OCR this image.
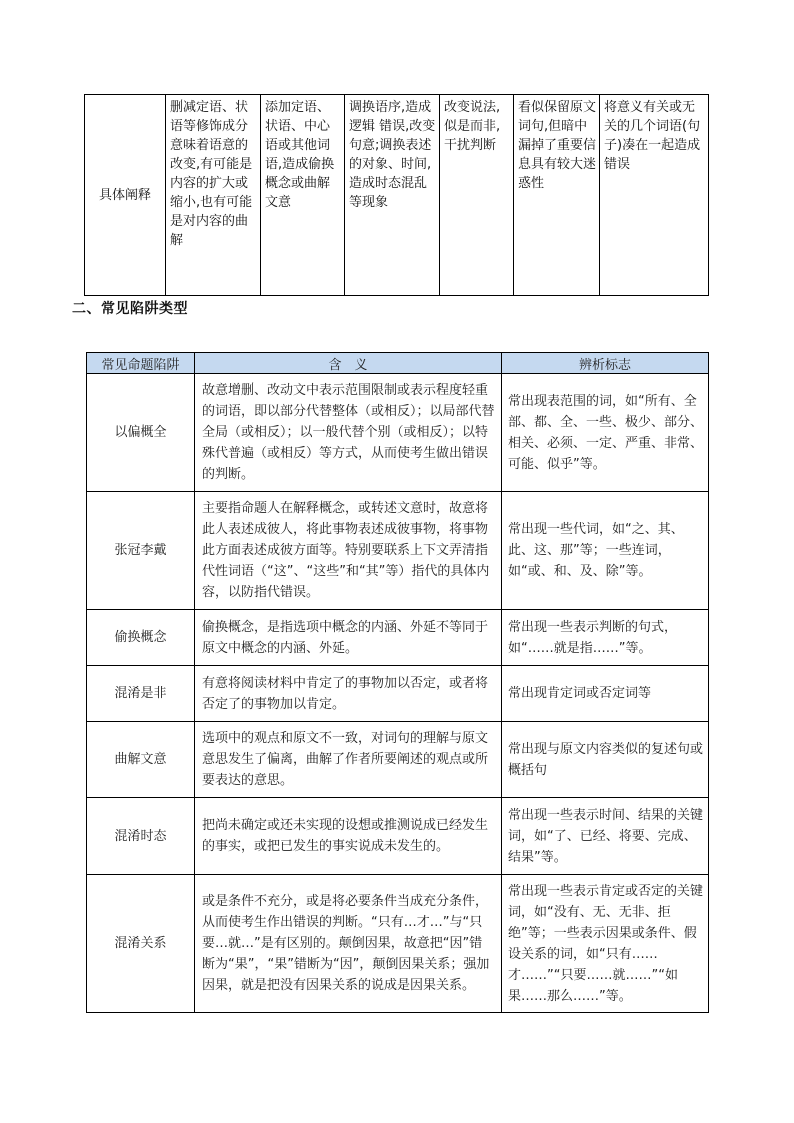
具体阐释	删减定语、状语等修饰成分意味着语意的 改变,有可能是内容的扩大或缩小,也有可能是对内容的曲解	添加定语、状语、中心语或其他词语,造成偷换概念或曲解文意	调换语序,造成逻辑 错误,改变句意;调换表述的对象、时间,造成时态混乱等现象	改变说法,似是而非,干扰判断	看似保留原文词句,但暗中漏掉了重要信息具有较大迷惑性	将意义有关或无关的几个词语(句子)凑在一起造成错误
二、常见陷阱类型
常见命题陷阱	含　义	辨析标志
以偏概全	故意增删、改动文中表示范围限制或表示程度轻重的词语，即以部分代替整体（或相反）；以局部代替全局（或相反）；以一般代替个别（或相反）；以特殊代普遍（或相反）等方式，从而使考生做出错误的判断。	常出现表范围的词，如“所有、全部、都、全、一些、极少、部分、相关、必须、一定、严重、非常、可能、似乎”等。
张冠李戴	主要指命题人在解释概念，或转述文意时，故意将此人表述成彼人，将此事物表述成彼事物，将事物此方面表述成彼方面等。特别要联系上下文弄清指代性词语（“这”、“这些”和“其”等）指代的具体内容，以防指代错误。	常出现一些代词，如“之、其、此、这、那”等；一些连词，如“或、和、及、除”等。
偷换概念	偷换概念，是指选项中概念的内涵、外延不等同于原文中概念的内涵、外延。	常出现一些表示判断的句式，如“……就是指……”等。
混淆是非	有意将阅读材料中肯定了的事物加以否定，或者将否定了的事物加以肯定。	常出现肯定词或否定词等
曲解文意	选项中的观点和原文不一致，对词句的理解与原文意思发生了偏离，曲解了作者所要阐述的观点或所要表达的意思。	常出现与原文内容类似的复述句或概括句
混淆时态	把尚未确定或还未实现的设想或推测说成已经发生的事实，或把已发生的事实说成未发生的。	常出现一些表示时间、结果的关键词，如“了、已经、将要、完成、结果”等。
混淆关系	或是条件不充分，或是将必要条件当成充分条件，从而使考生作出错误的判断。“只有…才…”与“只要…就…”是有区别的。颠倒因果，故意把“因”错断为“果”，“果”错断为“因”，颠倒因果关系；强加因果，就是把没有因果关系的说成是因果关系。	常出现一些表示肯定或否定的关键词，如“没有、无、无非、拒绝”等；一些表示因果或条件、假设关系的词，如“只有……才……”“只要……就……”“如果……那么……”等。
